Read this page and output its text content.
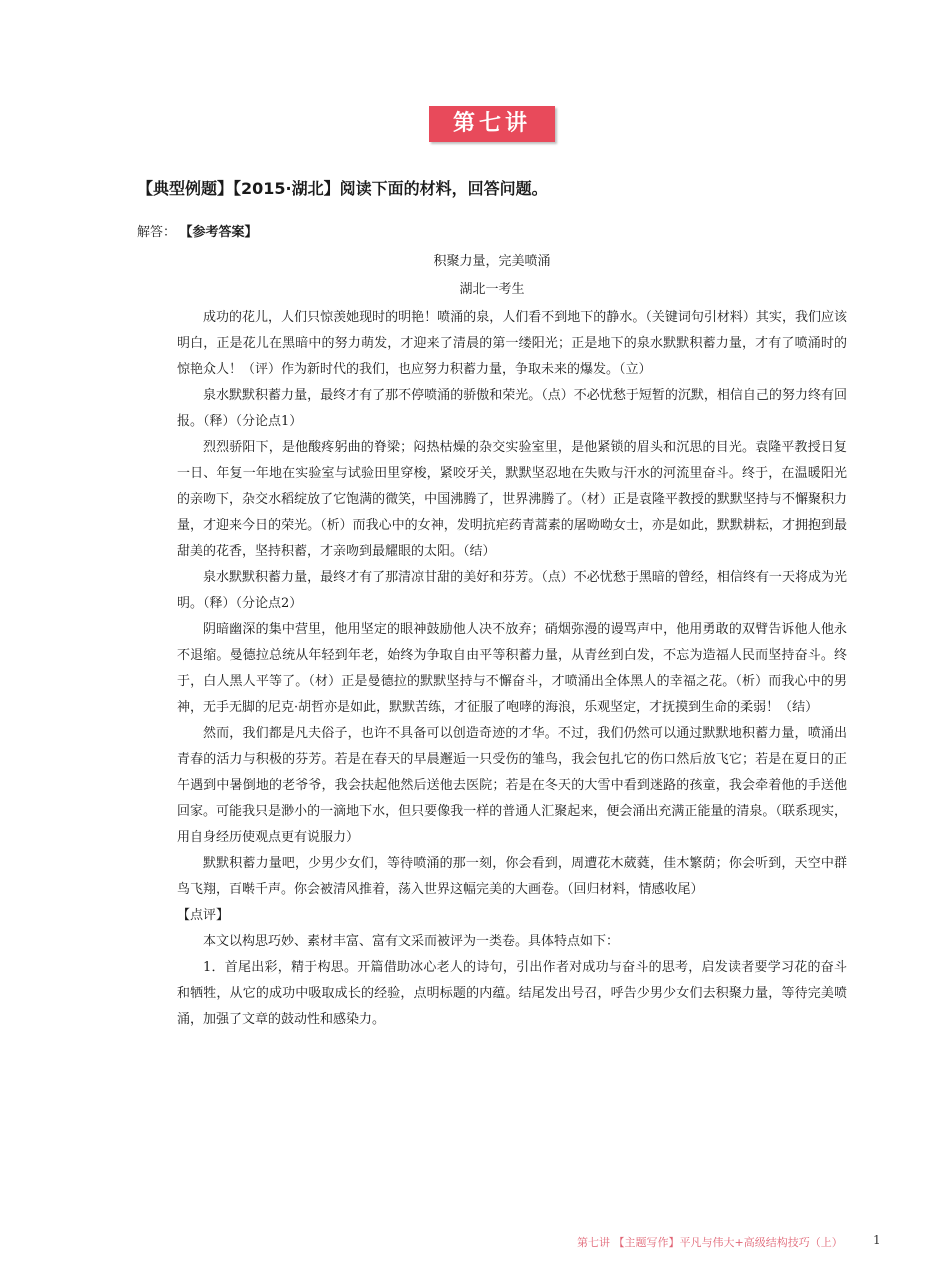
第七讲
【典型例题】【2015·湖北】阅读下面的材料，回答问题。
解答： 【参考答案】
积聚力量，完美喷涌
湖北一考生

成功的花儿，人们只惊羡她现时的明艳！喷涌的泉，人们看不到地下的静水。（关键词句引材料）其实，我们应该明白，正是花儿在黑暗中的努力萌发，才迎来了清晨的第一缕阳光；正是地下的泉水默默积蓄力量，才有了喷涌时的惊艳众人！（评）作为新时代的我们，也应努力积蓄力量，争取未来的爆发。（立）

泉水默默积蓄力量，最终才有了那不停喷涌的骄傲和荣光。（点）不必忧愁于短暂的沉默，相信自己的努力终有回报。（释）（分论点1）

烈烈骄阳下，是他酸疼躬曲的脊梁；闷热枯燥的杂交实验室里，是他紧锁的眉头和沉思的目光。袁隆平教授日复一日、年复一年地在实验室与试验田里穿梭，紧咬牙关，默默坚忍地在失败与汗水的河流里奋斗。终于，在温暖阳光的亲吻下，杂交水稻绽放了它饱满的微笑，中国沸腾了，世界沸腾了。（材）正是袁隆平教授的默默坚持与不懈聚积力量，才迎来今日的荣光。（析）而我心中的女神，发明抗疟药青蒿素的屠呦呦女士，亦是如此，默默耕耘，才拥抱到最甜美的花香，坚持积蓄，才亲吻到最耀眼的太阳。（结）

泉水默默积蓄力量，最终才有了那清凉甘甜的美好和芬芳。（点）不必忧愁于黑暗的曾经，相信终有一天将成为光明。（释）（分论点2）

阴暗幽深的集中营里，他用坚定的眼神鼓励他人决不放弃；硝烟弥漫的谩骂声中，他用勇敢的双臂告诉他人他永不退缩。曼德拉总统从年轻到年老，始终为争取自由平等积蓄力量，从青丝到白发，不忘为造福人民而坚持奋斗。终于，白人黑人平等了。（材）正是曼德拉的默默坚持与不懈奋斗，才喷涌出全体黑人的幸福之花。（析）而我心中的男神，无手无脚的尼克·胡哲亦是如此，默默苦练，才征服了咆哮的海浪，乐观坚定，才抚摸到生命的柔弱！（结）

然而，我们都是凡夫俗子，也许不具备可以创造奇迹的才华。不过，我们仍然可以通过默默地积蓄力量，喷涌出青春的活力与积极的芬芳。若是在春天的早晨邂逅一只受伤的雏鸟，我会包扎它的伤口然后放飞它；若是在夏日的正午遇到中暑倒地的老爷爷，我会扶起他然后送他去医院；若是在冬天的大雪中看到迷路的孩童，我会牵着他的手送他回家。可能我只是渺小的一滴地下水，但只要像我一样的普通人汇聚起来，便会涌出充满正能量的清泉。（联系现实，用自身经历使观点更有说服力）

默默积蓄力量吧，少男少女们，等待喷涌的那一刻，你会看到，周遭花木葳蕤，佳木繁荫；你会听到，天空中群鸟飞翔，百啭千声。你会被清风推着，荡入世界这幅完美的大画卷。（回归材料，情感收尾）

【点评】

本文以构思巧妙、素材丰富、富有文采而被评为一类卷。具体特点如下：

1．首尾出彩，精于构思。开篇借助冰心老人的诗句，引出作者对成功与奋斗的思考，启发读者要学习花的奋斗和牺牲，从它的成功中吸取成长的经验，点明标题的内蕴。结尾发出号召，呼告少男少女们去积聚力量，等待完美喷涌，加强了文章的鼓动性和感染力。

第七讲 【主题写作】平凡与伟大+高级结构技巧（上）	1
